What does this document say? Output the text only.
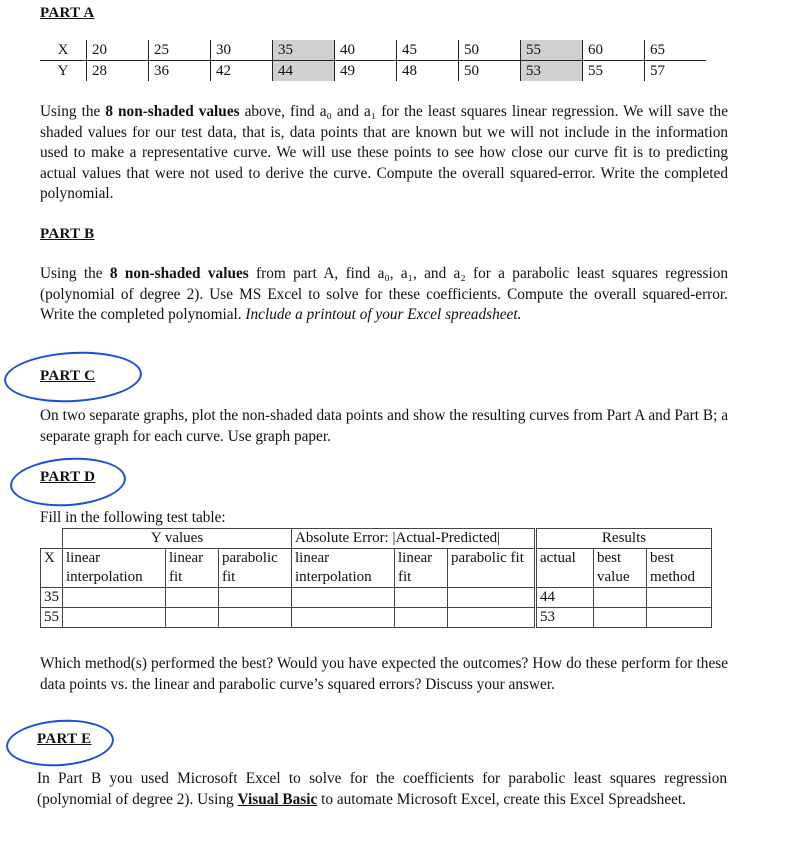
PART A
X	20	25	30	35	40	45	50	55	60	65
Y	28	36	42	44	49	48	50	53	55	57
Using the 8 non-shaded values above, find a₀ and a₁ for the least squares linear regression. We will save the shaded values for our test data, that is, data points that are known but we will not include in the information used to make a representative curve. We will use these points to see how close our curve fit is to predicting actual values that were not used to derive the curve. Compute the overall squared-error. Write the completed polynomial.
PART B
Using the 8 non-shaded values from part A, find a₀, a₁, and a₂ for a parabolic least squares regression (polynomial of degree 2). Use MS Excel to solve for these coefficients. Compute the overall squared-error. Write the completed polynomial. Include a printout of your Excel spreadsheet.
PART C
On two separate graphs, plot the non-shaded data points and show the resulting curves from Part A and Part B; a separate graph for each curve. Use graph paper.
PART D
Fill in the following test table:
	Y values			Absolute Error: |Actual-Predicted|			Results		
X	linear interpolation	linear fit	parabolic fit	linear interpolation	linear fit	parabolic fit	actual	best value	best method
35							44		
55							53		
Which method(s) performed the best? Would you have expected the outcomes? How do these perform for these data points vs. the linear and parabolic curve’s squared errors? Discuss your answer.
PART E
In Part B you used Microsoft Excel to solve for the coefficients for parabolic least squares regression (polynomial of degree 2). Using Visual Basic to automate Microsoft Excel, create this Excel Spreadsheet.
